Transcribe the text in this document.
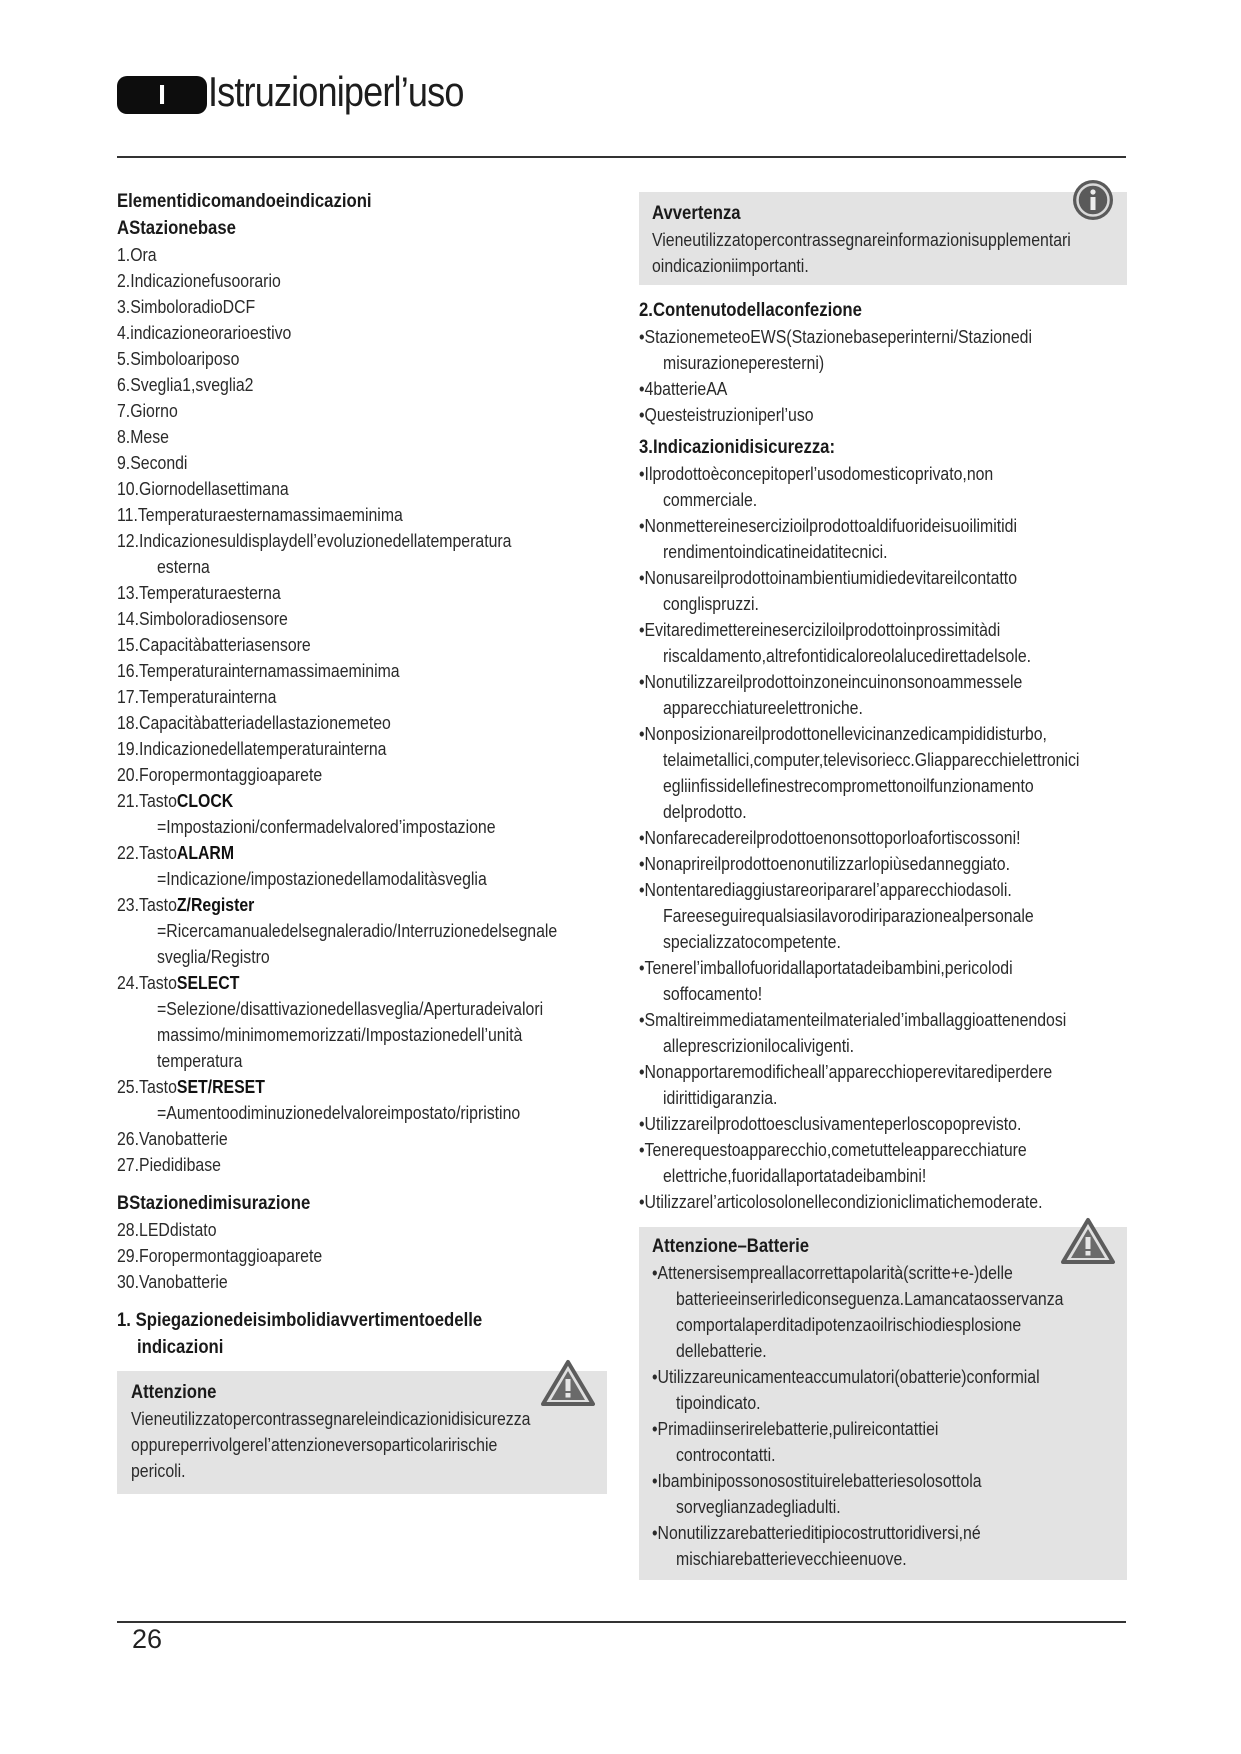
I	Istruzioniperl’uso

Elementidicomandoeindicazioni

AStazionebase

1.Ora

2.Indicazionefusoorario

3.SimboloradioDCF

4.indicazioneorarioestivo

5.Simboloariposo

6.Sveglia1,sveglia2

7.Giorno

8.Mese

9.Secondi

10.Giornodellasettimana

11.Temperaturaesternamassimaeminima

12.Indicazionesuldisplaydell’evoluzionedellatemperatura

esterna

13.Temperaturaesterna

14.Simboloradiosensore

15.Capacitàbatteriasensore

16.Temperaturainternamassimaeminima

17.Temperaturainterna

18.Capacitàbatteriadellastazionemeteo

19.Indicazionedellatemperaturainterna

20.Foropermontaggioaparete

21.TastoCLOCK

=Impostazioni/confermadelvalored’impostazione

22.TastoALARM

=Indicazione/impostazionedellamodalitàsveglia

23.TastoZ/Register

=Ricercamanualedelsegnaleradio/Interruzionedelsegnale

sveglia/Registro

24.TastoSELECT

=Selezione/disattivazionedellasveglia/Aperturadeivalori

massimo/minimomemorizzati/Impostazionedell’unità

temperatura

25.TastoSET/RESET

=Aumentoodiminuzionedelvaloreimpostato/ripristino

26.Vanobatterie

27.Piedidibase

BStazionedimisurazione

28.LEDdistato

29.Foropermontaggioaparete

30.Vanobatterie

1. Spiegazionedeisimbolidiavvertimentoedelle

indicazioni

Attenzione

Vieneutilizzatopercontrassegnareleindicazionidisicurezza

oppureperrivolgerel’attenzioneversoparticolaririschie

pericoli.

Avvertenza

Vieneutilizzatopercontrassegnareinformazionisupplementari

oindicazioniimportanti.

2.Contenutodellaconfezione

•StazionemeteoEWS(Stazionebaseperinterni/Stazionedi

misurazioneperesterni)

•4batterieAA

•Questeistruzioniperl’uso

3.Indicazionidisicurezza:

•Ilprodottoèconcepitoperl’usodomesticoprivato,non

commerciale.

•Nonmettereinesercizioilprodottoaldifuorideisuoilimitidi

rendimentoindicatineidatitecnici.

•Nonusareilprodottoinambientiumidiedevitareilcontatto

conglispruzzi.

•Evitaredimettereineserciziloilprodottoinprossimitàdi

riscaldamento,altrefontidicaloreolalucedirettadelsole.

•Nonutilizzareilprodottoinzoneincuinonsonoammessele

apparecchiatureelettroniche.

•Nonposizionareilprodottonellevicinanzedicampididisturbo,

telaimetallici,computer,televisoriecc.Gliapparecchielettronici

egliinfissidellefinestrecompromettonoilfunzionamento

delprodotto.

•Nonfarecadereilprodottoenonsottoporloafortiscossoni!

•Nonaprireilprodottoenonutilizzarlopiùsedanneggiato.

•Nontentarediaggiustareoripararel’apparecchiodasoli.

Fareeseguirequalsiasilavorodiriparazionealpersonale

specializzatocompetente.

•Tenerel’imballofuoridallaportatadeibambini,pericolodi

soffocamento!

•Smaltireimmediatamenteilmaterialed’imballaggioattenendosi

alleprescrizionilocalivigenti.

•Nonapportaremodificheall’apparecchioperevitarediperdere

idirittidigaranzia.

•Utilizzareilprodottoesclusivamenteperloscopoprevisto.

•Tenerequestoapparecchio,cometutteleapparecchiature

elettriche,fuoridallaportatadeibambini!

•Utilizzarel’articolosolonellecondizioniclimatichemoderate.

Attenzione–Batterie

•Attenersisempreallacorrettapolarità(scritte+e-)delle

batterieeinserirlediconseguenza.Lamancataosservanza

comportalaperditadipotenzaoilrischiodiesplosione

dellebatterie.

•Utilizzareunicamenteaccumulatori(obatterie)conformial

tipoindicato.

•Primadiinserirelebatterie,pulireicontattiei

controcontatti.

•Ibambinipossonosostituirelebatteriesolosottola

sorveglianzadegliadulti.

•Nonutilizzarebatterieditipiocostruttoridiversi,né

mischiarebatterievecchieenuove.

26
